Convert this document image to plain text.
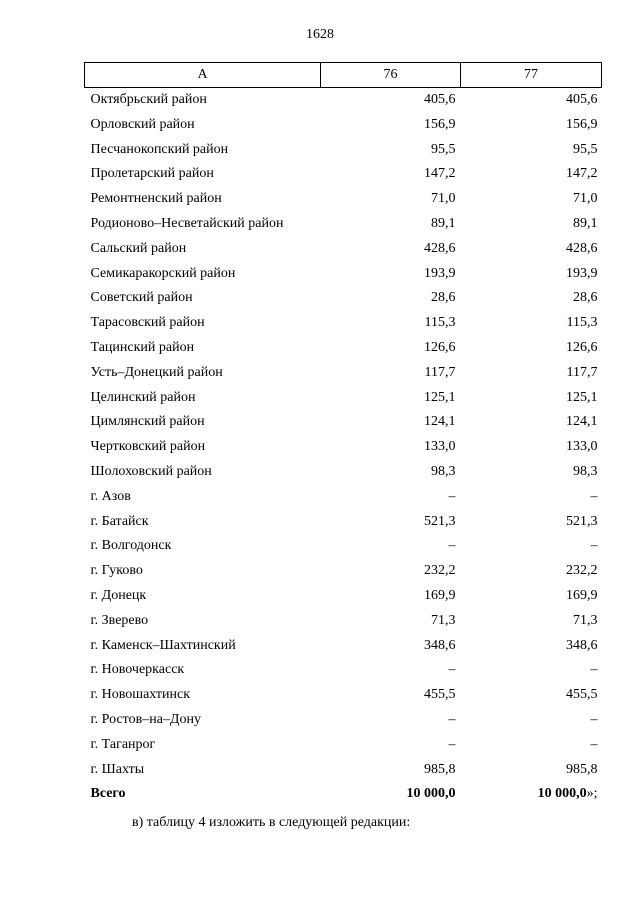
1628
А	76	77
Октябрьский район	405,6	405,6
Орловский район	156,9	156,9
Песчанокопский район	95,5	95,5
Пролетарский район	147,2	147,2
Ремонтненский район	71,0	71,0
Родионово–Несветайский район	89,1	89,1
Сальский район	428,6	428,6
Семикаракорский район	193,9	193,9
Советский район	28,6	28,6
Тарасовский район	115,3	115,3
Тацинский район	126,6	126,6
Усть–Донецкий район	117,7	117,7
Целинский район	125,1	125,1
Цимлянский район	124,1	124,1
Чертковский район	133,0	133,0
Шолоховский район	98,3	98,3
г. Азов	–	–
г. Батайск	521,3	521,3
г. Волгодонск	–	–
г. Гуково	232,2	232,2
г. Донецк	169,9	169,9
г. Зверево	71,3	71,3
г. Каменск–Шахтинский	348,6	348,6
г. Новочеркасск	–	–
г. Новошахтинск	455,5	455,5
г. Ростов–на–Дону	–	–
г. Таганрог	–	–
г. Шахты	985,8	985,8
Всего	10 000,0	10 000,0»;
в) таблицу 4 изложить в следующей редакции:
